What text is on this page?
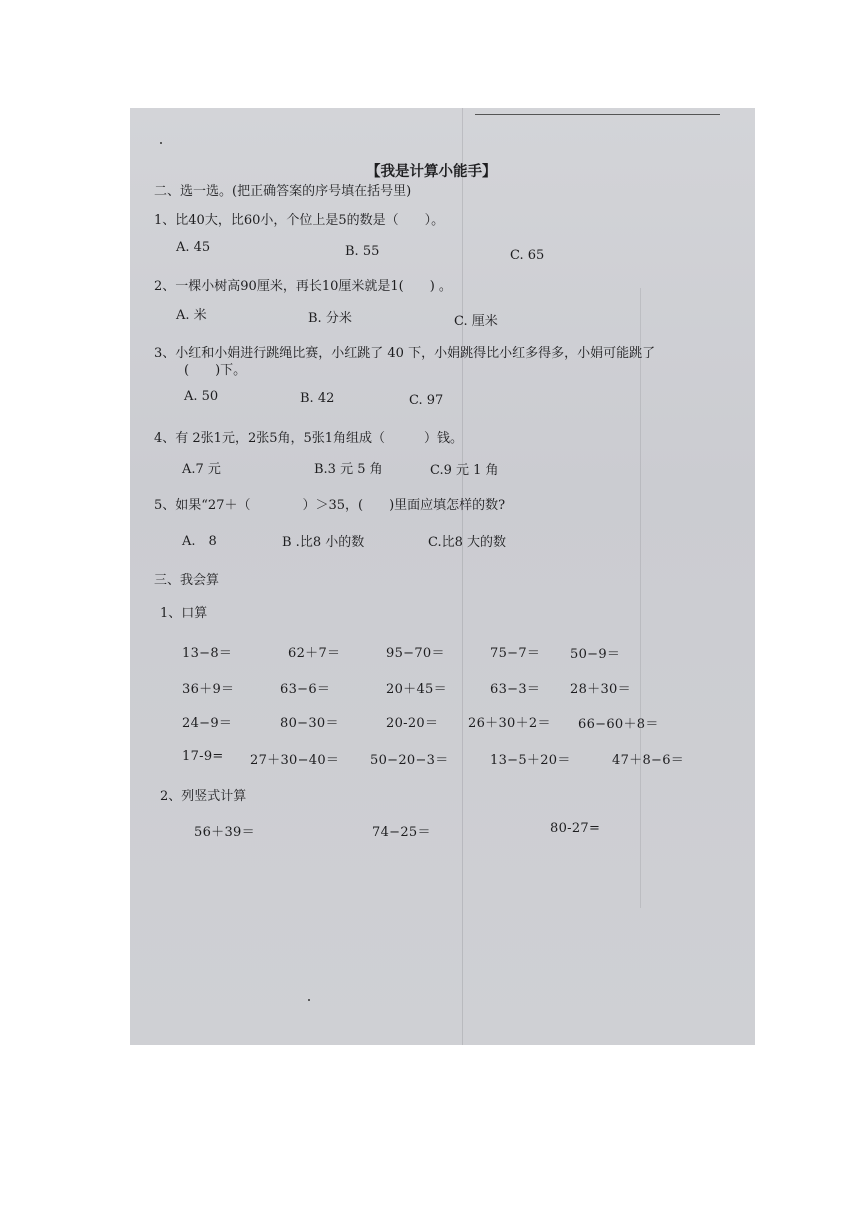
【我是计算小能手】
二、选一选。(把正确答案的序号填在括号里)
1、比40大，比60小，个位上是5的数是（　　）。
A. 45	B. 55	C. 65
2、一棵小树高90厘米，再长10厘米就是1(　　) 。
A. 米	B. 分米	C. 厘米
3、小红和小娟进行跳绳比赛，小红跳了 40 下，小娟跳得比小红多得多，小娟可能跳了
(　　)下。
A. 50	B. 42	C. 97
4、有 2张1元，2张5角，5张1角组成（　　　）钱。
A.7 元	B.3 元 5 角	C.9 元 1 角
5、如果“27＋（　　　　）＞35，(　　)里面应填怎样的数?
A.　8	B .比8 小的数	C.比8 大的数
三、我会算
1、口算
13−8＝	62＋7＝	95−70＝	75−7＝ 50−9＝
36＋9＝	63−6＝	20＋45＝	63−3＝ 28＋30＝
24−9＝	80−30＝	20-20＝ 26＋30＋2＝ 66−60＋8＝
17-9= 27＋30−40＝ 50−20−3＝	13−5＋20＝	47＋8−6＝
2、列竖式计算
56＋39＝	74−25＝	80-27=
